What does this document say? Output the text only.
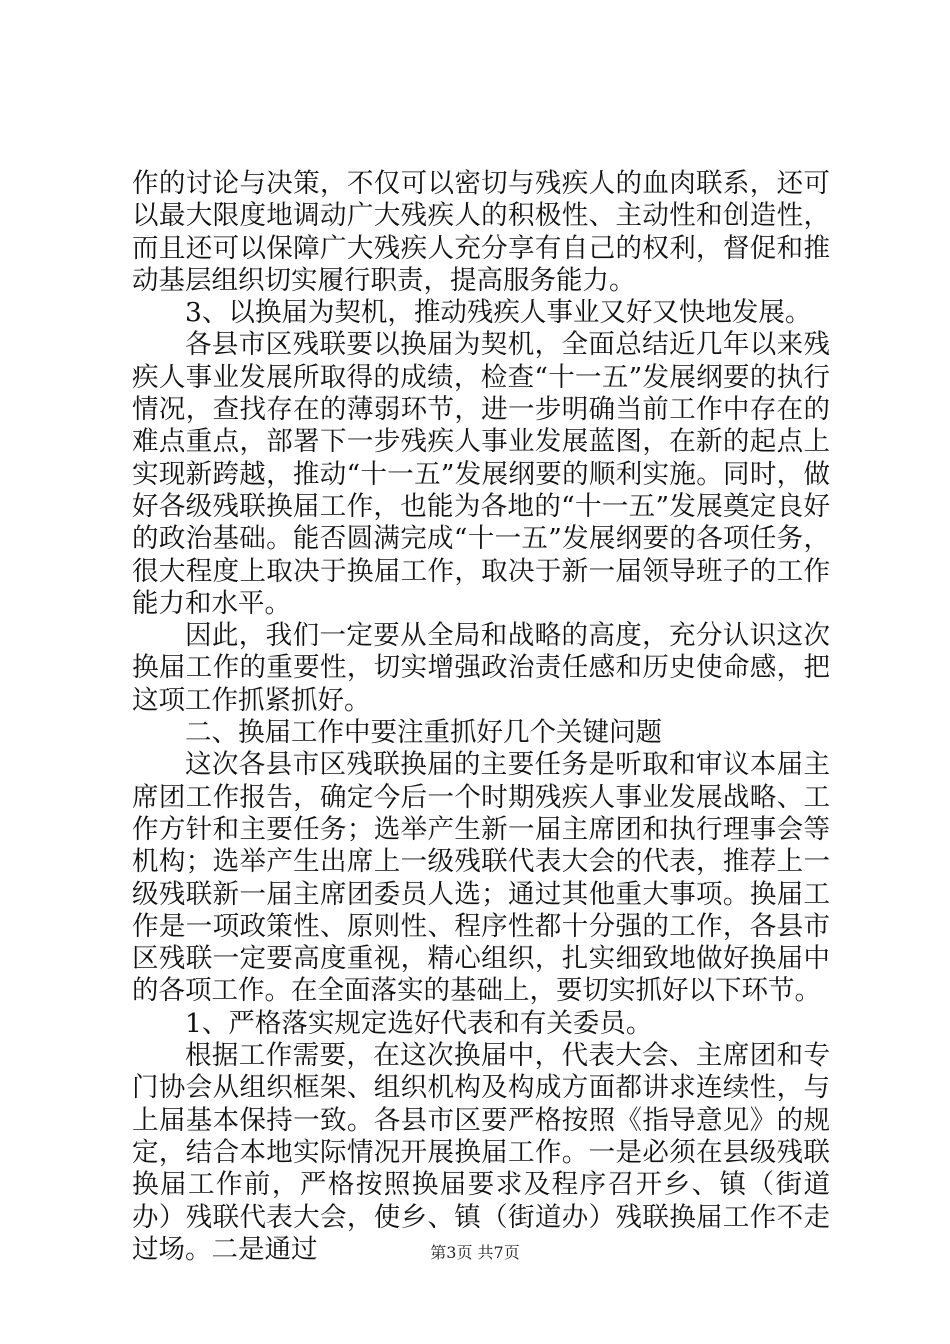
作的讨论与决策，不仅可以密切与残疾人的血肉联系，还可以最大限度地调动广大残疾人的积极性、主动性和创造性，而且还可以保障广大残疾人充分享有自己的权利，督促和推动基层组织切实履行职责，提高服务能力。

3、以换届为契机，推动残疾人事业又好又快地发展。

各县市区残联要以换届为契机，全面总结近几年以来残疾人事业发展所取得的成绩，检查“十一五”发展纲要的执行情况，查找存在的薄弱环节，进一步明确当前工作中存在的难点重点，部署下一步残疾人事业发展蓝图，在新的起点上实现新跨越，推动“十一五”发展纲要的顺利实施。同时，做好各级残联换届工作，也能为各地的“十一五”发展奠定良好的政治基础。能否圆满完成“十一五”发展纲要的各项任务，很大程度上取决于换届工作，取决于新一届领导班子的工作能力和水平。

因此，我们一定要从全局和战略的高度，充分认识这次换届工作的重要性，切实增强政治责任感和历史使命感，把这项工作抓紧抓好。

二、换届工作中要注重抓好几个关键问题

这次各县市区残联换届的主要任务是听取和审议本届主席团工作报告，确定今后一个时期残疾人事业发展战略、工作方针和主要任务；选举产生新一届主席团和执行理事会等机构；选举产生出席上一级残联代表大会的代表，推荐上一级残联新一届主席团委员人选；通过其他重大事项。换届工作是一项政策性、原则性、程序性都十分强的工作，各县市区残联一定要高度重视，精心组织，扎实细致地做好换届中的各项工作。在全面落实的基础上，要切实抓好以下环节。

1、严格落实规定选好代表和有关委员。

根据工作需要，在这次换届中，代表大会、主席团和专门协会从组织框架、组织机构及构成方面都讲求连续性，与上届基本保持一致。各县市区要严格按照《指导意见》的规定，结合本地实际情况开展换届工作。一是必须在县级残联换届工作前，严格按照换届要求及程序召开乡、镇（街道办）残联代表大会，使乡、镇（街道办）残联换届工作不走过场。二是通过	第3页 共7页
